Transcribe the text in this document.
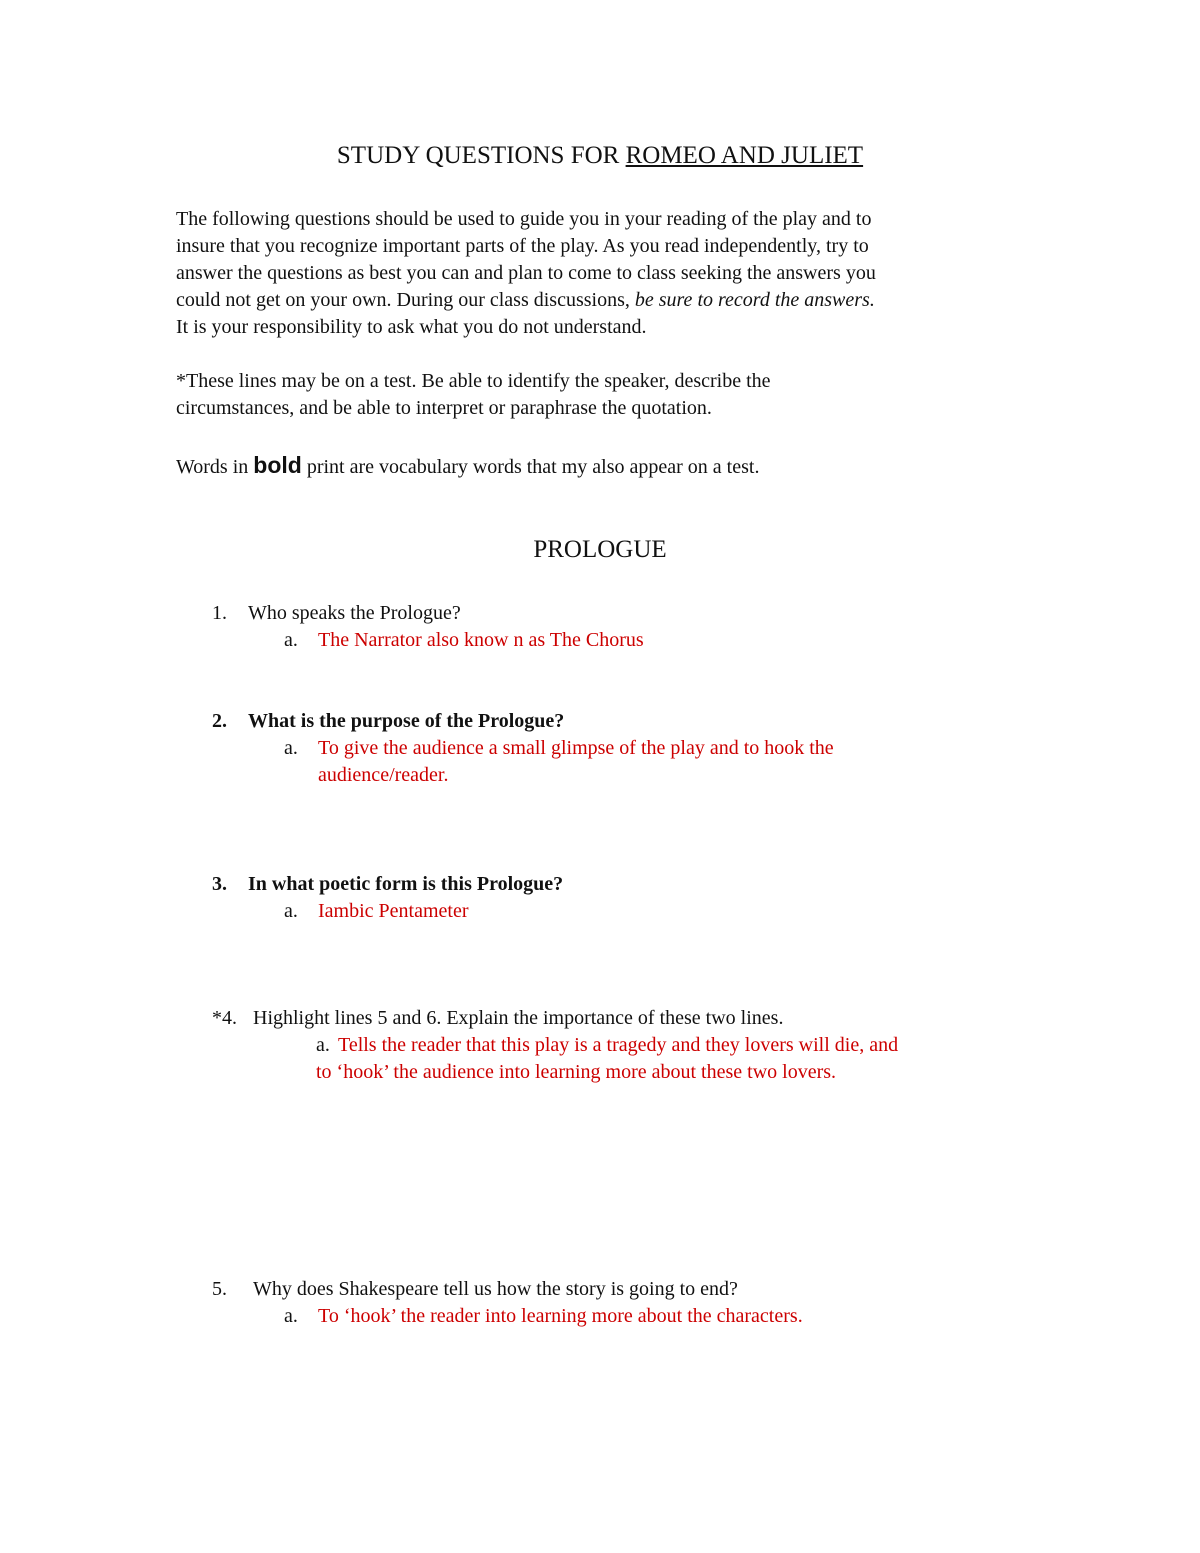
STUDY QUESTIONS FOR ROMEO AND JULIET
The following questions should be used to guide you in your reading of the play and to
insure that you recognize important parts of the play. As you read independently, try to
answer the questions as best you can and plan to come to class seeking the answers you
could not get on your own. During our class discussions, be sure to record the answers.
It is your responsibility to ask what you do not understand.
*These lines may be on a test. Be able to identify the speaker, describe the
circumstances, and be able to interpret or paraphrase the quotation.
Words in bold print are vocabulary words that my also appear on a test.
PROLOGUE
1. Who speaks the Prologue?
a. The Narrator also know n as The Chorus
2. What is the purpose of the Prologue?
a. To give the audience a small glimpse of the play and to hook the
audience/reader.
3. In what poetic form is this Prologue?
a. Iambic Pentameter
*4. Highlight lines 5 and 6. Explain the importance of these two lines.
a. Tells the reader that this play is a tragedy and they lovers will die, and
to ‘hook’ the audience into learning more about these two lovers.
5. Why does Shakespeare tell us how the story is going to end?
a. To ‘hook’ the reader into learning more about the characters.
